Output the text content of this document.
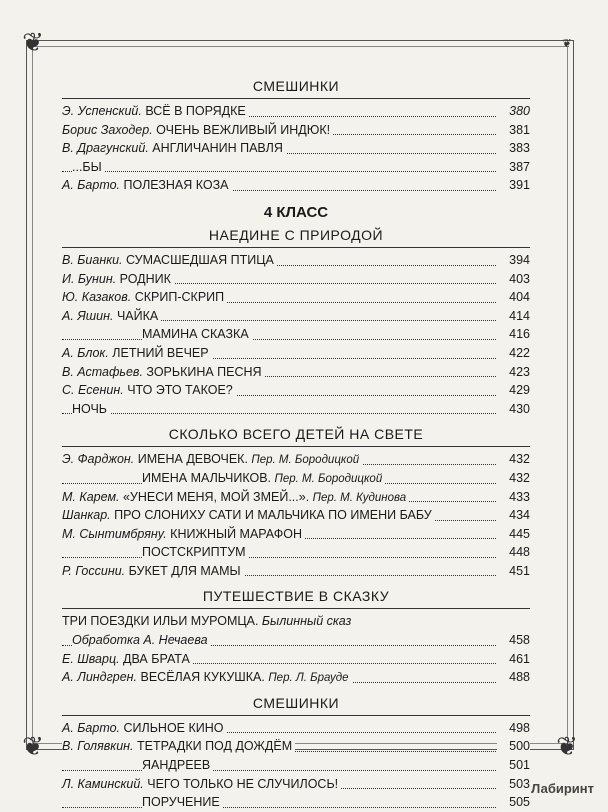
❦	❦
❦	❦
СМЕШИНКИ
Э. Успенский. ВСЁ В ПОРЯДКЕ	380
Борис Заходер. ОЧЕНЬ ВЕЖЛИВЫЙ ИНДЮК!	381
В. Драгунский. АНГЛИЧАНИН ПАВЛЯ	383
...БЫ	387
А. Барто. ПОЛЕЗНАЯ КОЗА	391
4 КЛАСС
НАЕДИНЕ С ПРИРОДОЙ
В. Бианки. СУМАСШЕДШАЯ ПТИЦА	394
И. Бунин. РОДНИК	403
Ю. Казаков. СКРИП-СКРИП	404
А. Яшин. ЧАЙКА	414
МАМИНА СКАЗКА	416
А. Блок. ЛЕТНИЙ ВЕЧЕР	422
В. Астафьев. ЗОРЬКИНА ПЕСНЯ	423
С. Есенин. ЧТО ЭТО ТАКОЕ?	429
НОЧЬ	430
СКОЛЬКО ВСЕГО ДЕТЕЙ НА СВЕТЕ
Э. Фарджон. ИМЕНА ДЕВОЧЕК. Пер. М. Бородицкой	432
ИМЕНА МАЛЬЧИКОВ. Пер. М. Бородицкой	432
М. Карем. «УНЕСИ МЕНЯ, МОЙ ЗМЕЙ...». Пер. М. Кудинова	433
Шанкар. ПРО СЛОНИХУ САТИ И МАЛЬЧИКА ПО ИМЕНИ БАБУ	434
М. Сынтимбряну. КНИЖНЫЙ МАРАФОН	445
ПОСТСКРИПТУМ	448
Р. Госсини. БУКЕТ ДЛЯ МАМЫ	451
ПУТЕШЕСТВИЕ В СКАЗКУ
ТРИ ПОЕЗДКИ ИЛЬИ МУРОМЦА. Былинный сказ
Обработка А. Нечаева	458
Е. Шварц. ДВА БРАТА	461
А. Линдгрен. ВЕСЁЛАЯ КУКУШКА. Пер. Л. Брауде	488
СМЕШИНКИ
А. Барто. СИЛЬНОЕ КИНО	498
В. Голявкин. ТЕТРАДКИ ПОД ДОЖДЁМ	500
ЯАНДРЕЕВ	501
Л. Каминский. ЧЕГО ТОЛЬКО НЕ СЛУЧИЛОСЬ!	503
ПОРУЧЕНИЕ	505
Лабиринт
